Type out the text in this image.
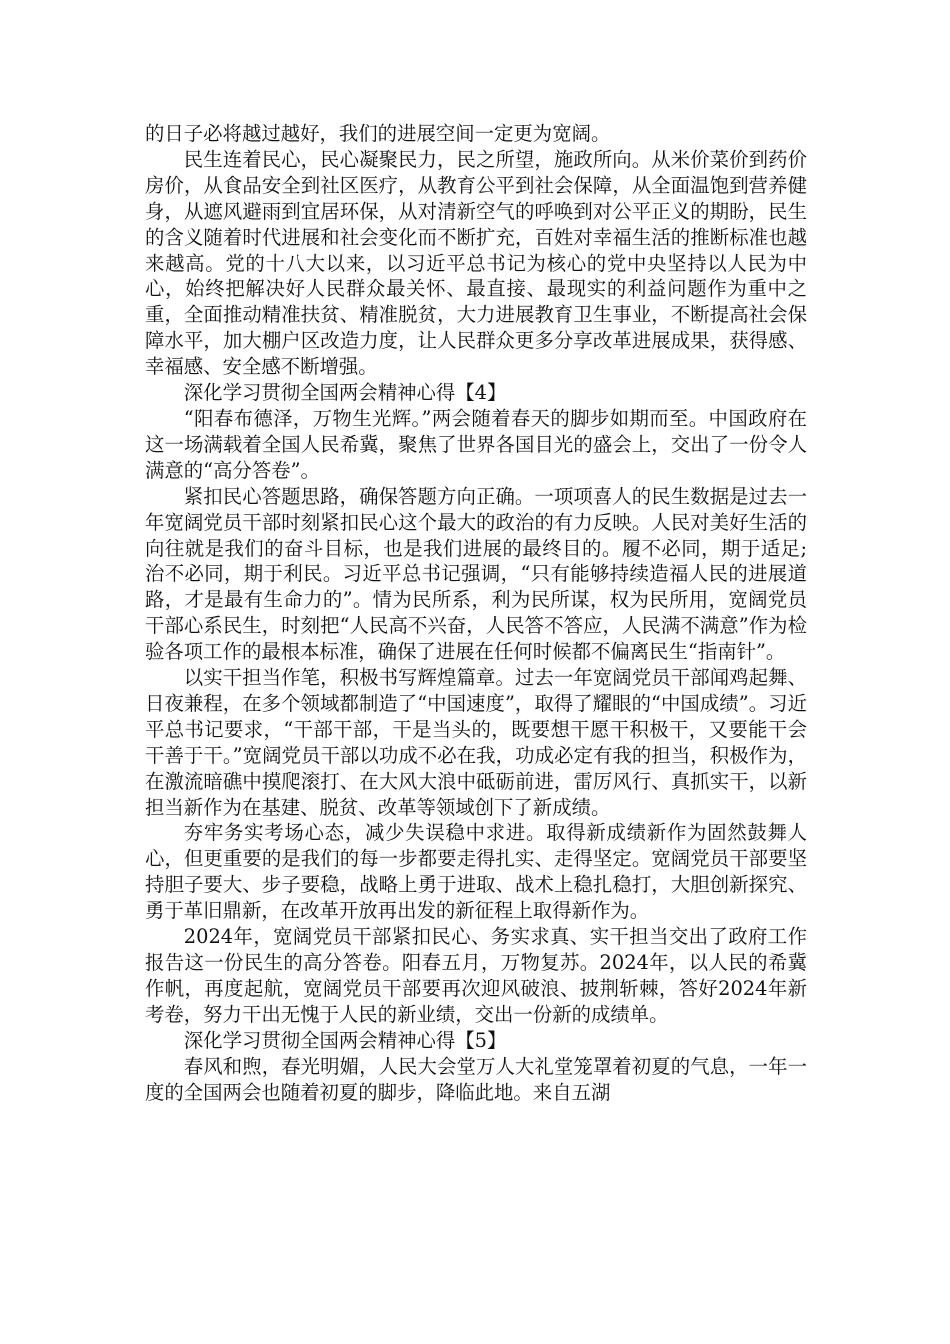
的日子必将越过越好，我们的进展空间一定更为宽阔。

民生连着民心，民心凝聚民力，民之所望，施政所向。从米价菜价到药价房价，从食品安全到社区医疗，从教育公平到社会保障，从全面温饱到营养健身，从遮风避雨到宜居环保，从对清新空气的呼唤到对公平正义的期盼，民生的含义随着时代进展和社会变化而不断扩充，百姓对幸福生活的推断标准也越来越高。党的十八大以来，以习近平总书记为核心的党中央坚持以人民为中心，始终把解决好人民群众最关怀、最直接、最现实的利益问题作为重中之重，全面推动精准扶贫、精准脱贫，大力进展教育卫生事业，不断提高社会保障水平，加大棚户区改造力度，让人民群众更多分享改革进展成果，获得感、幸福感、安全感不断增强。

深化学习贯彻全国两会精神心得【4】

“阳春布德泽，万物生光辉。”两会随着春天的脚步如期而至。中国政府在这一场满载着全国人民希冀，聚焦了世界各国目光的盛会上，交出了一份令人满意的“高分答卷”。

紧扣民心答题思路，确保答题方向正确。一项项喜人的民生数据是过去一年宽阔党员干部时刻紧扣民心这个最大的政治的有力反映。人民对美好生活的向往就是我们的奋斗目标，也是我们进展的最终目的。履不必同，期于适足;治不必同，期于利民。习近平总书记强调，“只有能够持续造福人民的进展道路，才是最有生命力的”。情为民所系，利为民所谋，权为民所用，宽阔党员干部心系民生，时刻把“人民高不兴奋，人民答不答应，人民满不满意”作为检验各项工作的最根本标准，确保了进展在任何时候都不偏离民生“指南针”。

以实干担当作笔，积极书写辉煌篇章。过去一年宽阔党员干部闻鸡起舞、日夜兼程，在多个领域都制造了“中国速度”，取得了耀眼的“中国成绩”。习近平总书记要求，“干部干部，干是当头的，既要想干愿干积极干，又要能干会干善于干。”宽阔党员干部以功成不必在我，功成必定有我的担当，积极作为，在激流暗礁中摸爬滚打、在大风大浪中砥砺前进，雷厉风行、真抓实干，以新担当新作为在基建、脱贫、改革等领域创下了新成绩。

夯牢务实考场心态，减少失误稳中求进。取得新成绩新作为固然鼓舞人心，但更重要的是我们的每一步都要走得扎实、走得坚定。宽阔党员干部要坚持胆子要大、步子要稳，战略上勇于进取、战术上稳扎稳打，大胆创新探究、勇于革旧鼎新，在改革开放再出发的新征程上取得新作为。

2024年，宽阔党员干部紧扣民心、务实求真、实干担当交出了政府工作报告这一份民生的高分答卷。阳春五月，万物复苏。2024年，以人民的希冀作帆，再度起航，宽阔党员干部要再次迎风破浪、披荆斩棘，答好2024年新考卷，努力干出无愧于人民的新业绩，交出一份新的成绩单。

深化学习贯彻全国两会精神心得【5】

春风和煦，春光明媚，人民大会堂万人大礼堂笼罩着初夏的气息，一年一度的全国两会也随着初夏的脚步，降临此地。来自五湖
